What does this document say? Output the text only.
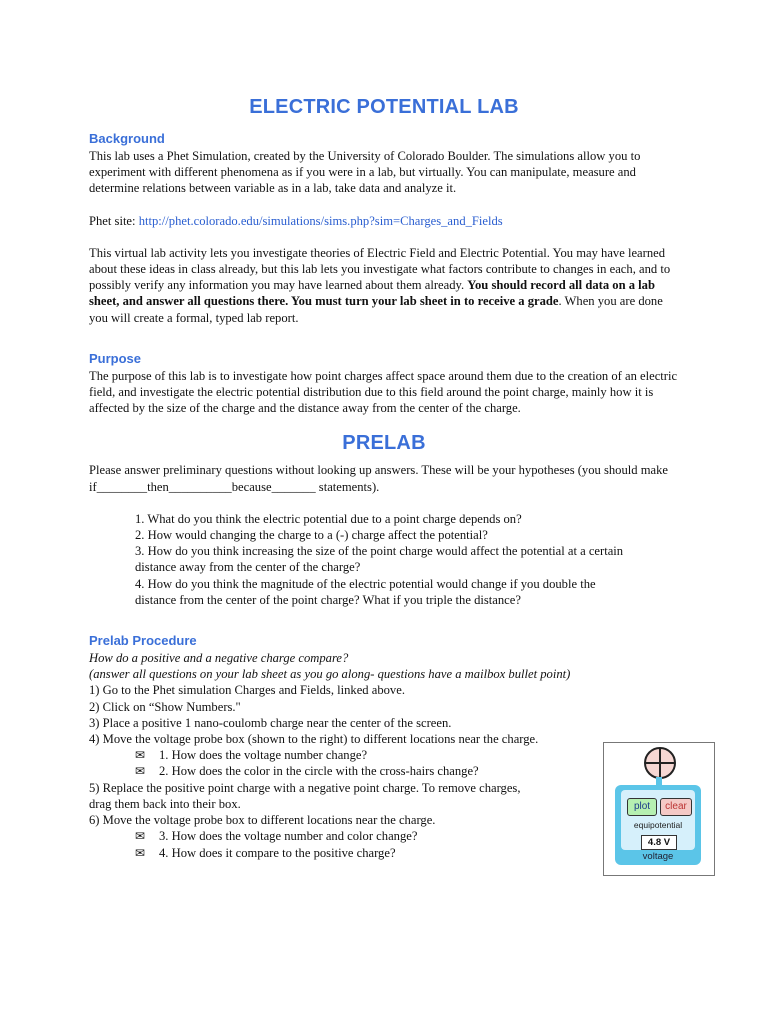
ELECTRIC POTENTIAL LAB
Background

This lab uses a Phet Simulation, created by the University of Colorado Boulder. The simulations allow you to experiment with different phenomena as if you were in a lab, but virtually. You can manipulate, measure and determine relations between variable as in a lab, take data and analyze it.

Phet site: http://phet.colorado.edu/simulations/sims.php?sim=Charges_and_Fields

This virtual lab activity lets you investigate theories of Electric Field and Electric Potential. You may have learned about these ideas in class already, but this lab lets you investigate what factors contribute to changes in each, and to possibly verify any information you may have learned about them already. You should record all data on a lab sheet, and answer all questions there. You must turn your lab sheet in to receive a grade. When you are done you will create a formal, typed lab report.

Purpose

The purpose of this lab is to investigate how point charges affect space around them due to the creation of an electric field, and investigate the electric potential distribution due to this field around the point charge, mainly how it is affected by the size of the charge and the distance away from the center of the charge.

PRELAB

Please answer preliminary questions without looking up answers. These will be your hypotheses (you should make if________then__________because_______ statements).

1. What do you think the electric potential due to a point charge depends on?
2. How would changing the charge to a (-) charge affect the potential?
3. How do you think increasing the size of the point charge would affect the potential at a certain
distance away from the center of the charge?
4. How do you think the magnitude of the electric potential would change if you double the
distance from the center of the point charge? What if you triple the distance?
Prelab Procedure
How do a positive and a negative charge compare?
(answer all questions on your lab sheet as you go along- questions have a mailbox bullet point)
1) Go to the Phet simulation Charges and Fields, linked above.
2) Click on “Show Numbers."
3) Place a positive 1 nano-coulomb charge near the center of the screen.
4) Move the voltage probe box (shown to the right) to different locations near the charge.
✉	1. How does the voltage number change?
✉	2. How does the color in the circle with the cross-hairs change?
5) Replace the positive point charge with a negative point charge. To remove charges,
drag them back into their box.
6) Move the voltage probe box to different locations near the charge.
✉	3. How does the voltage number and color change?
✉	4. How does it compare to the positive charge?
plot	clear
equipotential
4.8 V
voltage
